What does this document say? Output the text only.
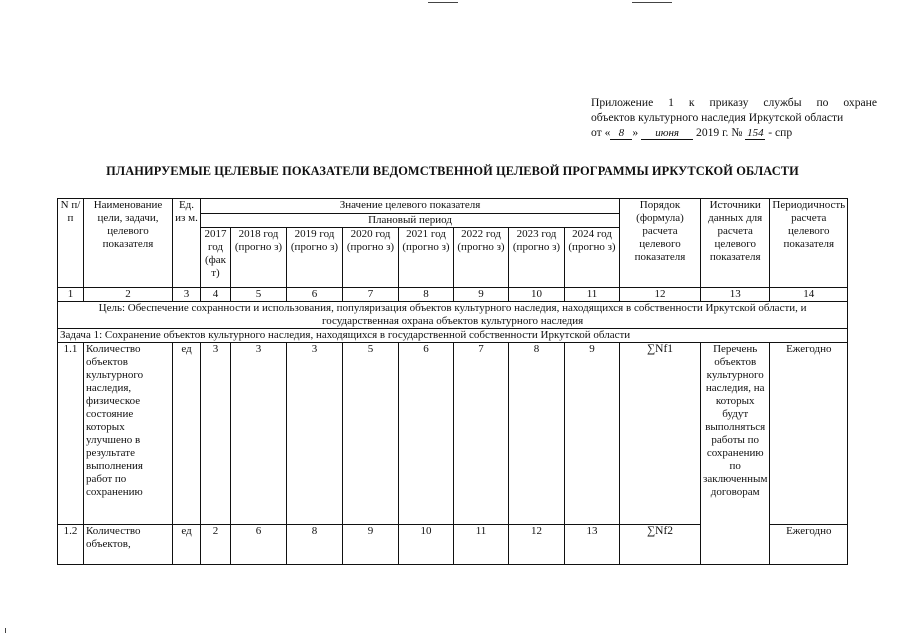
Приложение 1 к приказу службы по охране
объектов культурного наследия Иркутской области
от « 8 » июня 2019 г. № 154 - спр
ПЛАНИРУЕМЫЕ ЦЕЛЕВЫЕ ПОКАЗАТЕЛИ ВЕДОМСТВЕННОЙ ЦЕЛЕВОЙ ПРОГРАММЫ ИРКУТСКОЙ ОБЛАСТИ
N п/п	Наименование цели, задачи, целевого показателя	Ед. из м.	Значение целевого показателя								Порядок (формула) расчета целевого показателя	Источники данных для расчета целевого показателя	Периодичность расчета целевого показателя
			Плановый период										
			2017 год (фак т)	2018 год (прогно з)	2019 год (прогно з)	2020 год (прогно з)	2021 год (прогно з)	2022 год (прогно з)	2023 год (прогно з)	2024 год (прогно з)			
1	2	3	4	5	6	7	8	9	10	11	12	13	14
Цель: Обеспечение сохранности и использования, популяризация объектов культурного наследия, находящихся в собственности Иркутской области, и государственная охрана объектов культурного наследия													
Задача 1: Сохранение объектов культурного наследия, находящихся в государственной собственности Иркутской области													
1.1	Количество объектов культурного наследия, физическое состояние которых улучшено в результате выполнения работ по сохранению	ед	3	3	3	5	6	7	8	9	∑Nf1	Перечень объектов культурного наследия, на которых будут выполняться работы по сохранению по заключенным договорам	Ежегодно
1.2	Количество объектов,	ед	2	6	8	9	10	11	12	13	∑Nf2		Ежегодно
